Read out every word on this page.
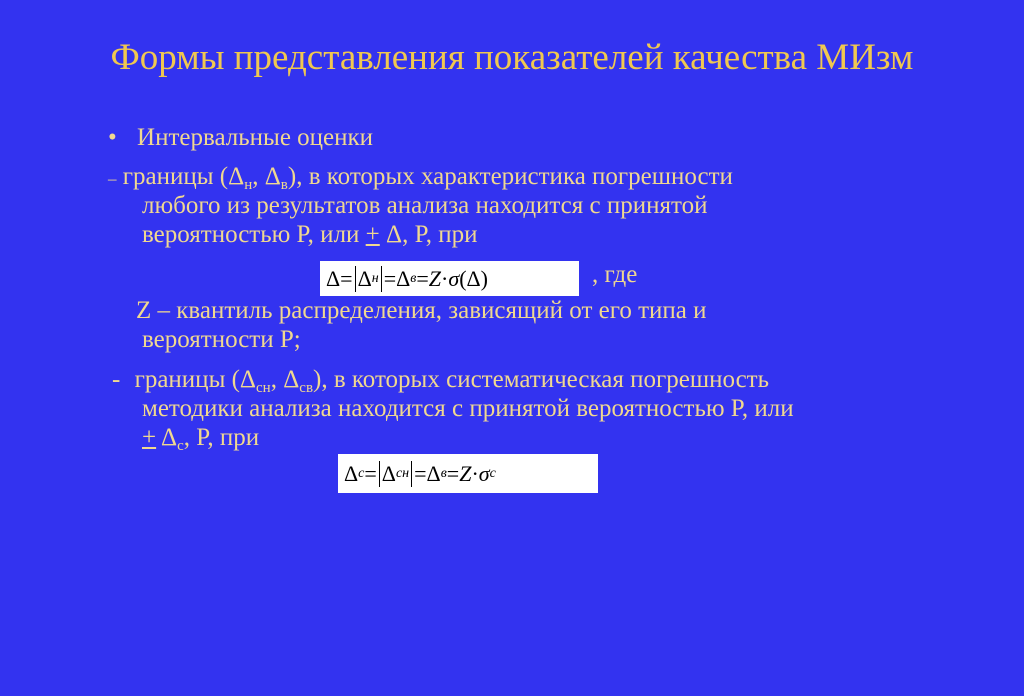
Формы представления показателей качества МИзм
• Интервальные оценки
– границы ($\Delta_н$, $\Delta_в$), в которых характеристика погрешности
любого из результатов анализа находится с принятой
вероятностью P, или + Δ, P, при
Δ = Δ н = Δ в = Z · σ (Δ)	, где
Z – квантиль распределения, зависящий от его типа и
вероятности P;
- границы ($\Delta_{сн}$, $\Delta_{св}$), в которых систематическая погрешность
методики анализа находится с принятой вероятностью P, или
+ $\Delta_с$, P, при
Δ c = Δ сн = Δ в = Z · σ c
